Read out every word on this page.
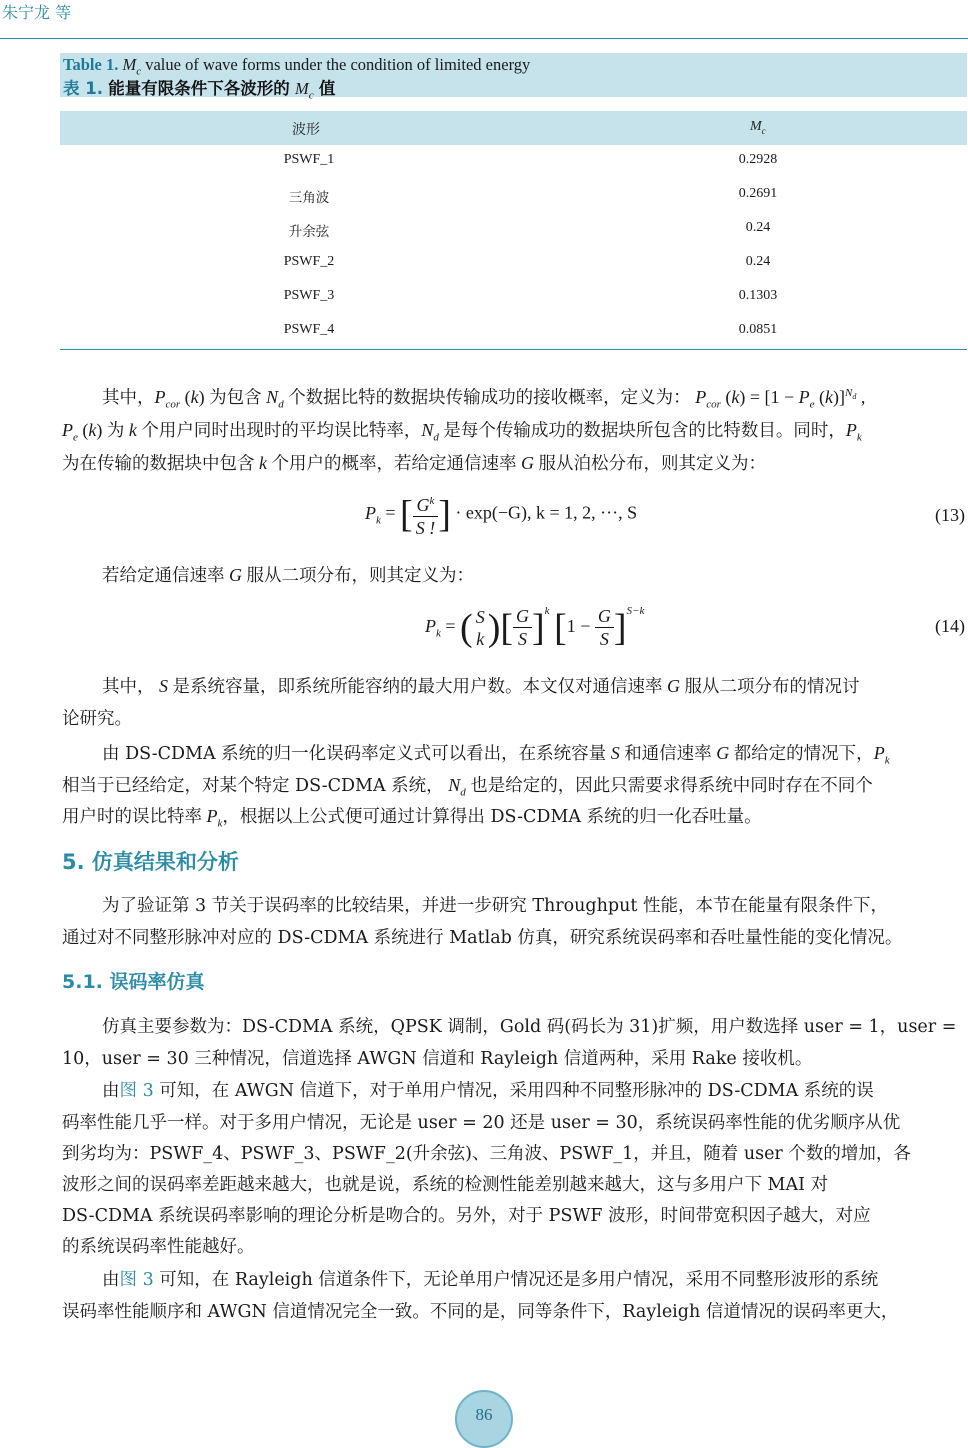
朱宁龙 等
Table 1. $M_c$ value of wave forms under the condition of limited energy
表 1. 能量有限条件下各波形的 $M_c$ 值
波形	$M_c$
PSWF_1	0.2928
三角波	0.2691
升余弦	0.24
PSWF_2	0.24
PSWF_3	0.1303
PSWF_4	0.0851

其中，$P_{cor}$ (k) 为包含 $N_d$ 个数据比特的数据块传输成功的接收概率，定义为： $P_{cor}$ $(k) = [1 - P_e$ (k)]$^{N_d}$ ,

$P_e$ (k) 为 k 个用户同时出现时的平均误比特率，$N_d$ 是每个传输成功的数据块所包含的比特数目。同时，$P_k$

为在传输的数据块中包含 k 个用户的概率，若给定通信速率 G 服从泊松分布，则其定义为：

$P_k$ = [ $\frac{G^k}{S !}$ ] · exp(−G), k = 1, 2, ···, S	(13)

若给定通信速率 G 服从二项分布，则其定义为：

$P_k$ = ( S
k )[ $\frac{G}{S} ]^k$ $[1 - \frac{G}{S} ]^{S-k}$
(14)

其中， S 是系统容量，即系统所能容纳的最大用户数。本文仅对通信速率 G 服从二项分布的情况讨

论研究。

由 DS-CDMA 系统的归一化误码率定义式可以看出，在系统容量 S 和通信速率 G 都给定的情况下，$P_k$

相当于已经给定，对某个特定 DS-CDMA 系统， $N_d$ 也是给定的，因此只需要求得系统中同时存在不同个

用户时的误比特率 $P_k$，根据以上公式便可通过计算得出 DS-CDMA 系统的归一化吞吐量。

5. 仿真结果和分析

为了验证第 3 节关于误码率的比较结果，并进一步研究 Throughput 性能，本节在能量有限条件下，

通过对不同整形脉冲对应的 DS-CDMA 系统进行 Matlab 仿真，研究系统误码率和吞吐量性能的变化情况。

5.1. 误码率仿真

仿真主要参数为：DS-CDMA 系统，QPSK 调制，Gold 码(码长为 31)扩频，用户数选择 user = 1，user =

10，user = 30 三种情况，信道选择 AWGN 信道和 Rayleigh 信道两种，采用 Rake 接收机。

由图 3 可知，在 AWGN 信道下，对于单用户情况，采用四种不同整形脉冲的 DS-CDMA 系统的误

码率性能几乎一样。对于多用户情况，无论是 user = 20 还是 user = 30，系统误码率性能的优劣顺序从优

到劣均为：PSWF_4、PSWF_3、PSWF_2(升余弦)、三角波、PSWF_1，并且，随着 user 个数的增加，各

波形之间的误码率差距越来越大，也就是说，系统的检测性能差别越来越大，这与多用户下 MAI 对

DS-CDMA 系统误码率影响的理论分析是吻合的。另外，对于 PSWF 波形，时间带宽积因子越大，对应

的系统误码率性能越好。

由图 3 可知，在 Rayleigh 信道条件下，无论单用户情况还是多用户情况，采用不同整形波形的系统

误码率性能顺序和 AWGN 信道情况完全一致。不同的是，同等条件下，Rayleigh 信道情况的误码率更大，

86
